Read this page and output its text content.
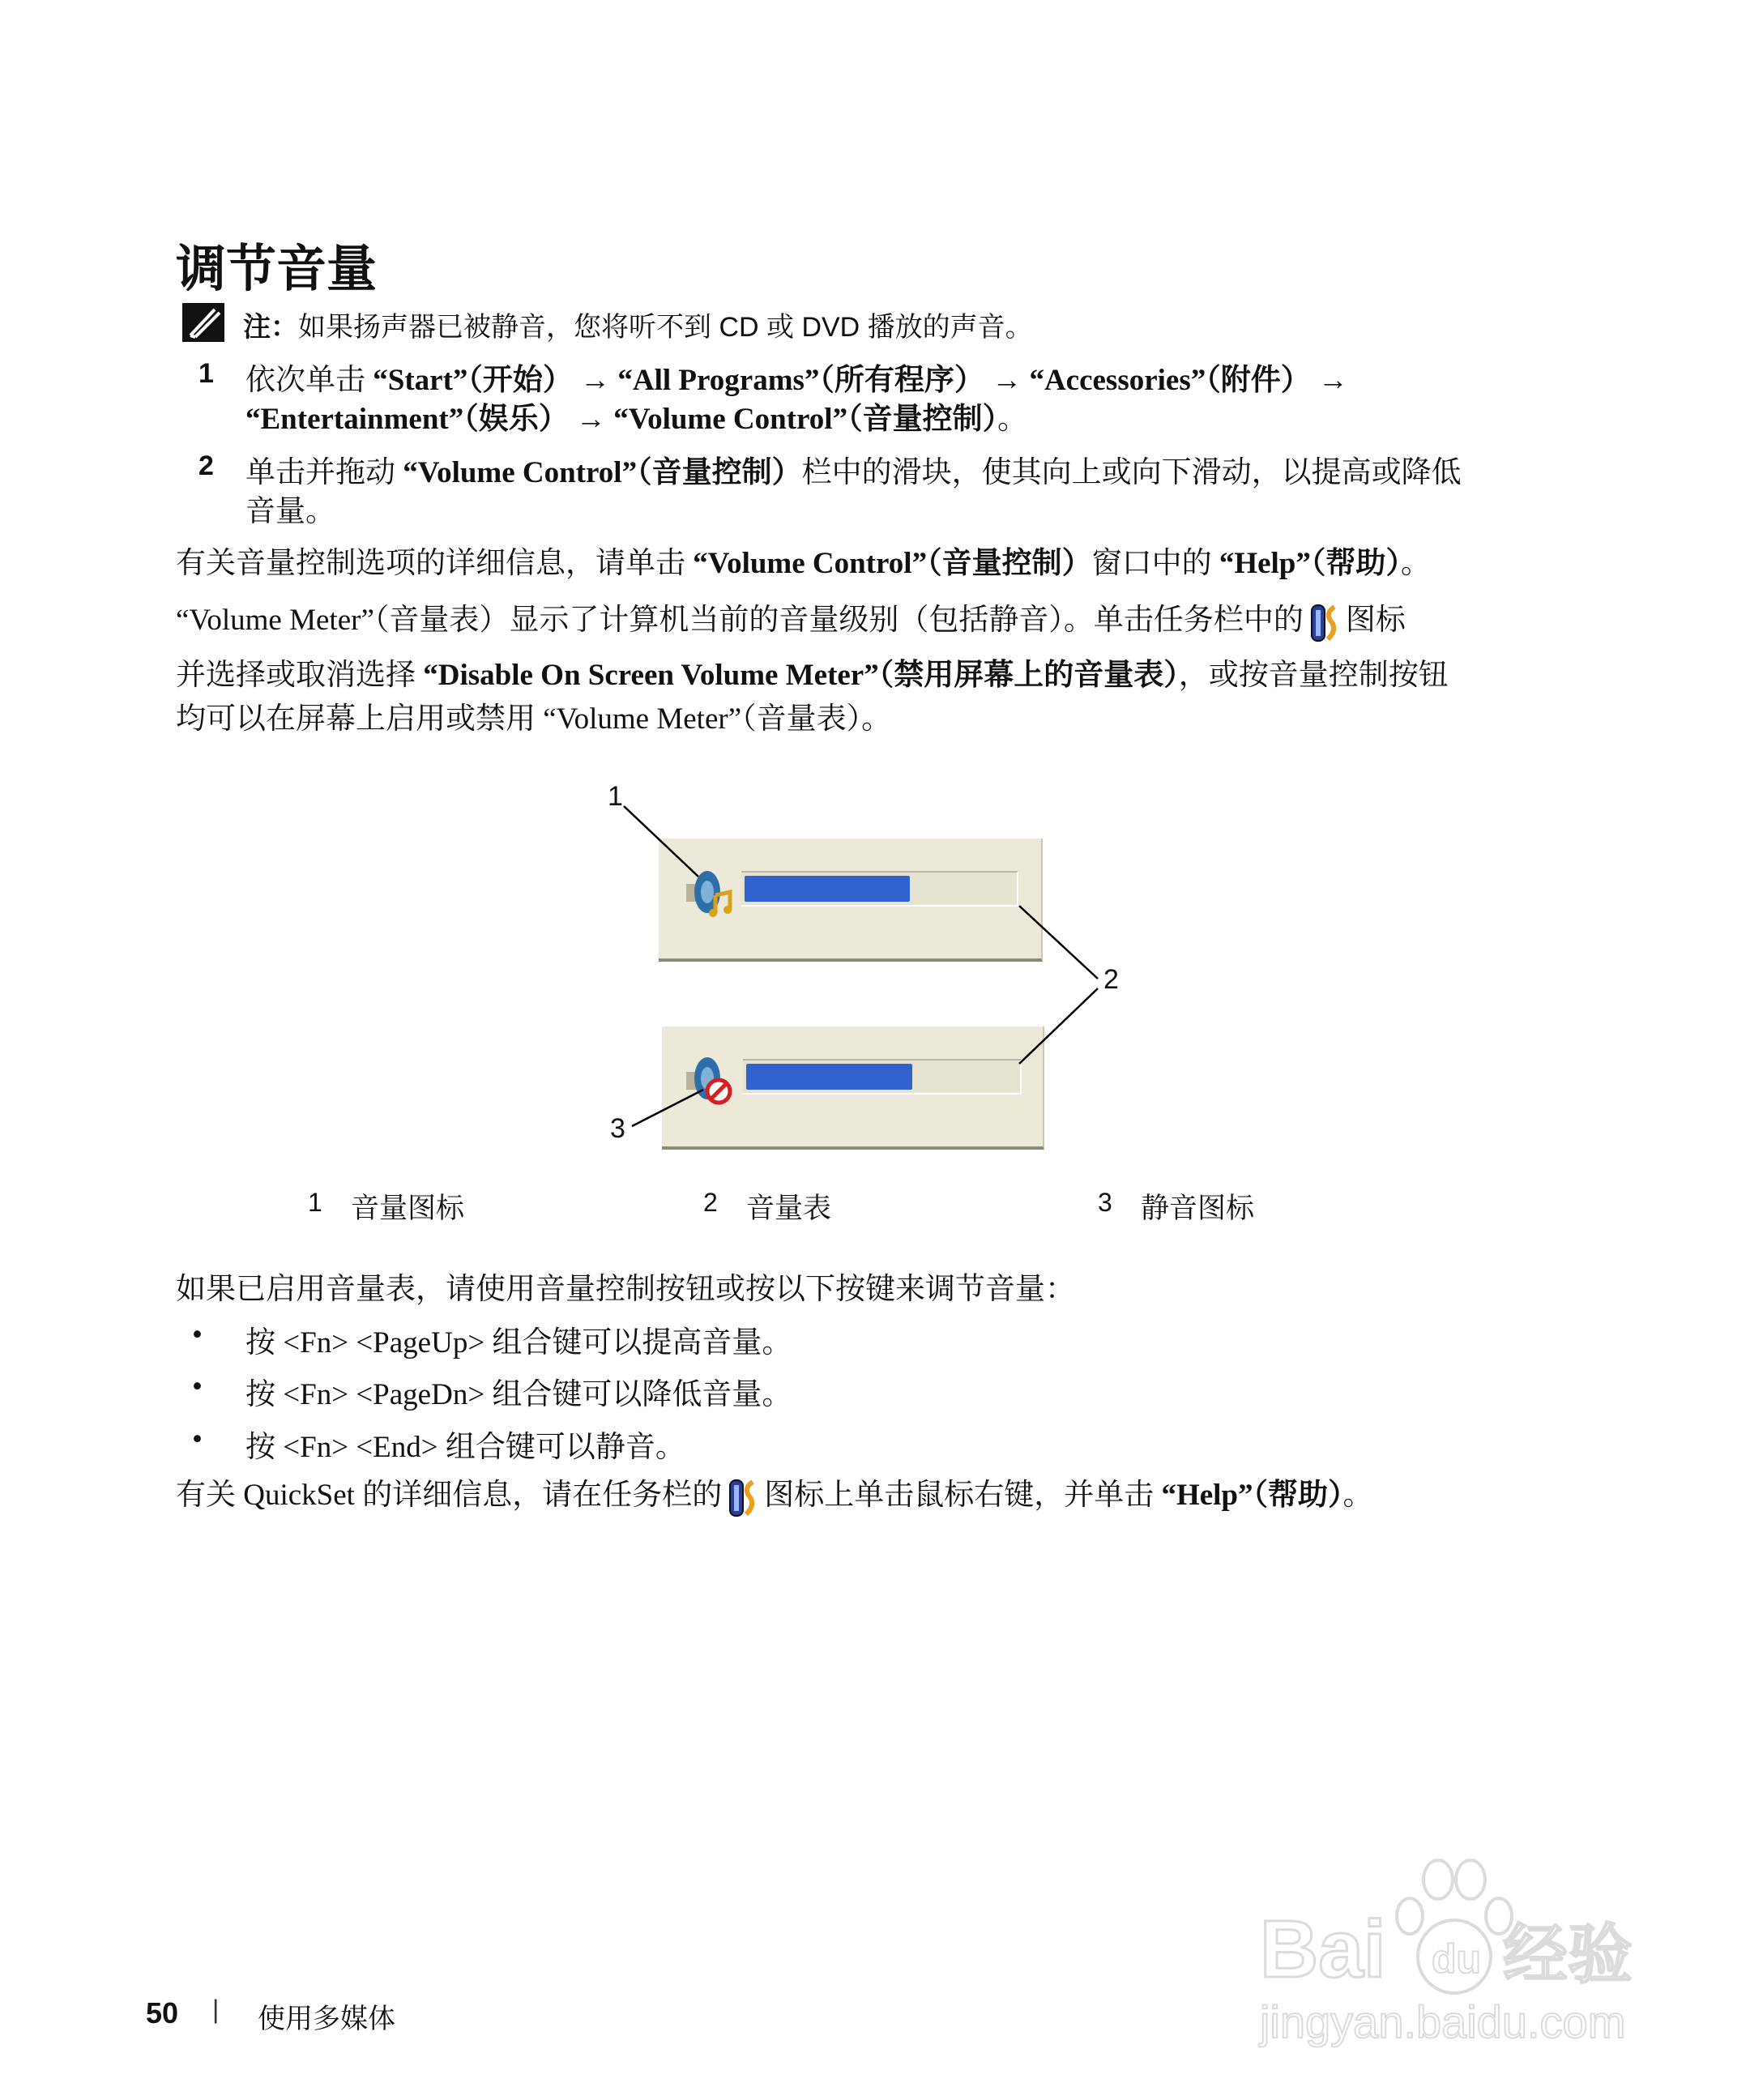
调节音量
注：如果扬声器已被静音，您将听不到 CD 或 DVD 播放的声音。
1 依次单击 “Start”（开始） → “All Programs”（所有程序） → “Accessories”（附件） →
“Entertainment”（娱乐） → “Volume Control”（音量控制）。
2 单击并拖动 “Volume Control”（音量控制）栏中的滑块，使其向上或向下滑动，以提高或降低
音量。
有关音量控制选项的详细信息，请单击 “Volume Control”（音量控制）窗口中的 “Help”（帮助）。
“Volume Meter”（音量表）显示了计算机当前的音量级别（包括静音）。单击任务栏中的 图标
并选择或取消选择 “Disable On Screen Volume Meter”（禁用屏幕上的音量表），或按音量控制按钮
均可以在屏幕上启用或禁用 “Volume Meter”（音量表）。
1
2
3
1 音量图标	2 音量表	3 静音图标
如果已启用音量表，请使用音量控制按钮或按以下按键来调节音量：
• 按 <Fn> <PageUp> 组合键可以提高音量。
• 按 <Fn> <PageDn> 组合键可以降低音量。
• 按 <Fn> <End> 组合键可以静音。
有关 QuickSet 的详细信息，请在任务栏的 图标上单击鼠标右键，并单击 “Help”（帮助）。
Bai du 经验
jingyan.baidu.com
50 | 使用多媒体
